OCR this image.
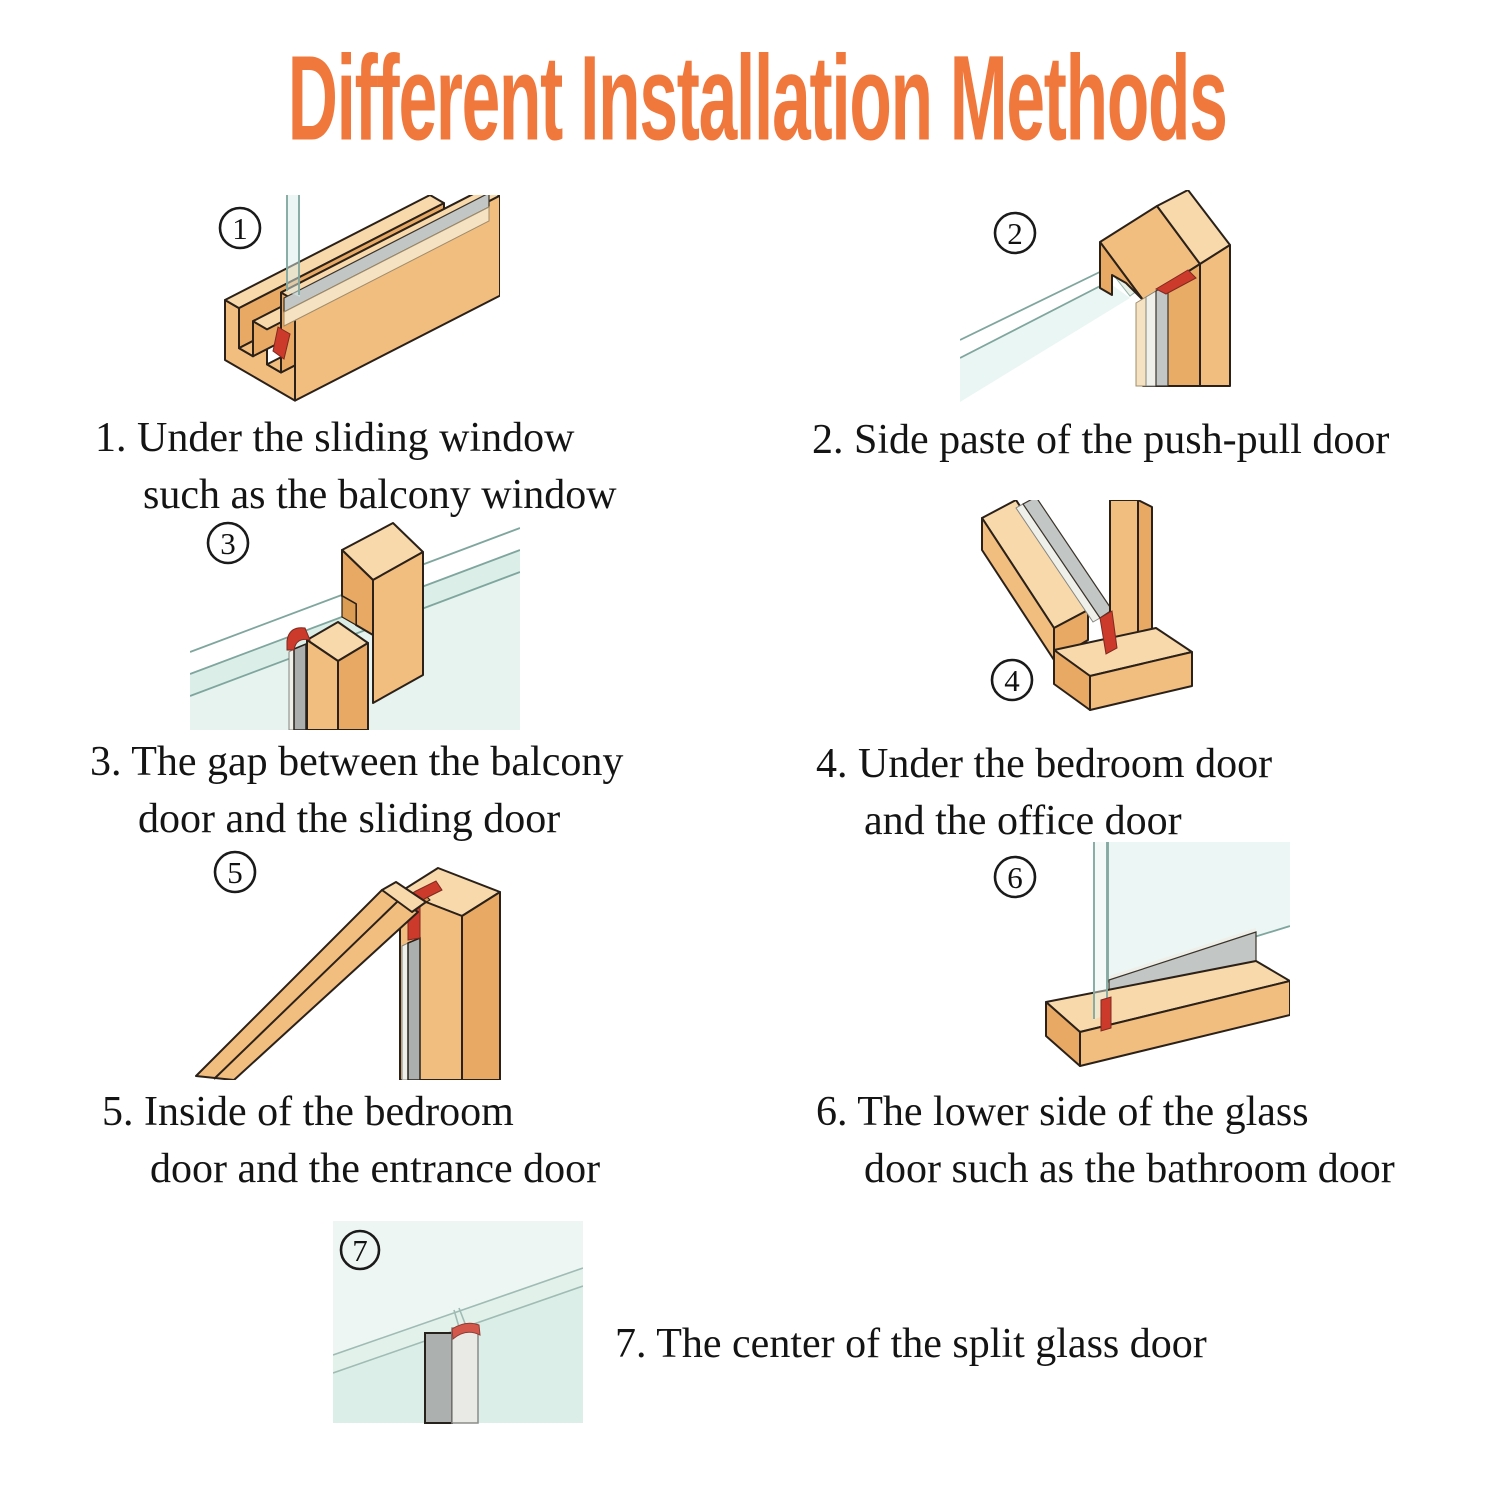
Different Installation Methods
1	2
3
4
5	6
7
1. Under the sliding window
such as the balcony window
2. Side paste of the push-pull door
3. The gap between the balcony
door and the sliding door
4. Under the bedroom door
and the office door
5. Inside of the bedroom
door and the entrance door
6. The lower side of the glass
door such as the bathroom door
7. The center of the split glass door
